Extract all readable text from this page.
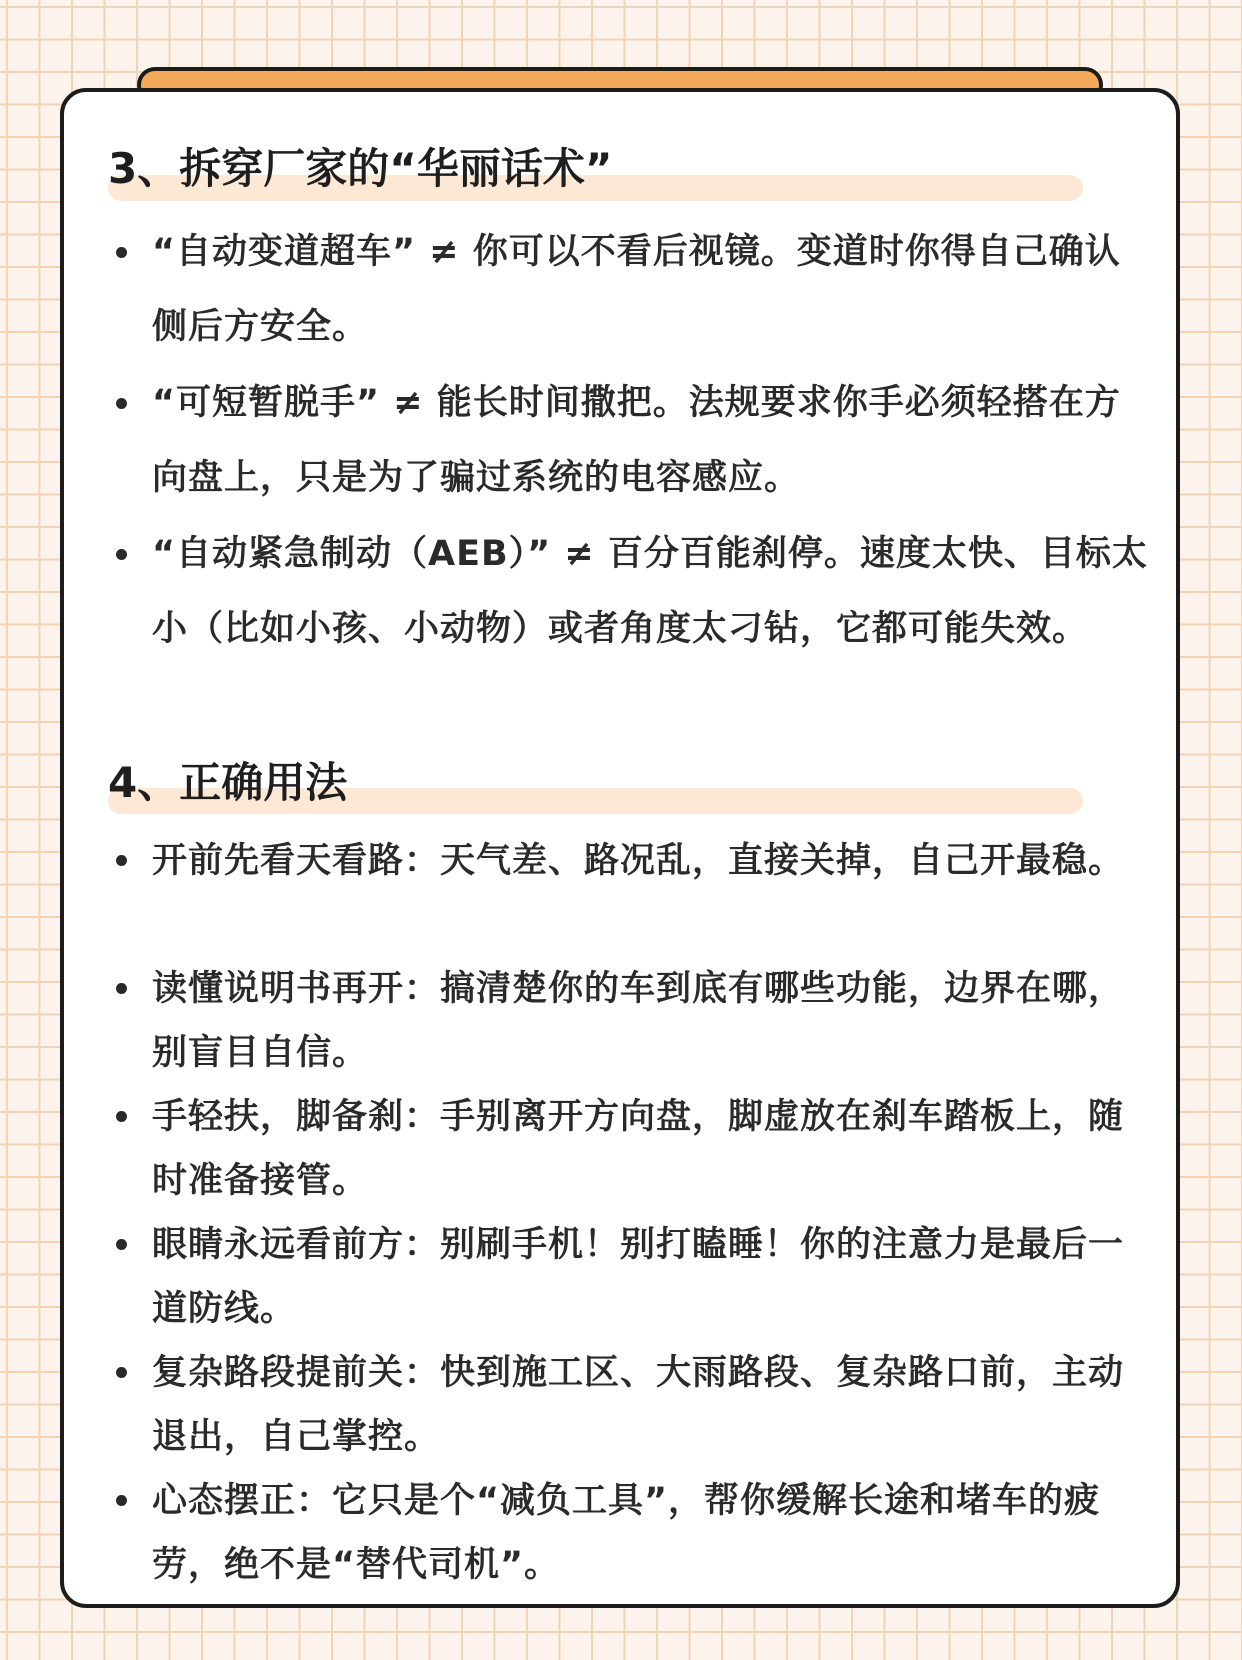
3、拆穿厂家的“华丽话术”
“自动变道超车” ≠ 你可以不看后视镜。变道时你得自己确认侧后方安全。
“可短暂脱手” ≠ 能长时间撒把。法规要求你手必须轻搭在方向盘上，只是为了骗过系统的电容感应。
“自动紧急制动（AEB）” ≠ 百分百能刹停。速度太快、目标太小（比如小孩、小动物）或者角度太刁钻，它都可能失效。
4、正确用法
开前先看天看路：天气差、路况乱，直接关掉，自己开最稳。
读懂说明书再开：搞清楚你的车到底有哪些功能，边界在哪，别盲目自信。
手轻扶，脚备刹：手别离开方向盘，脚虚放在刹车踏板上，随时准备接管。
眼睛永远看前方：别刷手机！别打瞌睡！你的注意力是最后一道防线。
复杂路段提前关：快到施工区、大雨路段、复杂路口前，主动退出，自己掌控。
心态摆正：它只是个“减负工具”，帮你缓解长途和堵车的疲劳，绝不是“替代司机”。
